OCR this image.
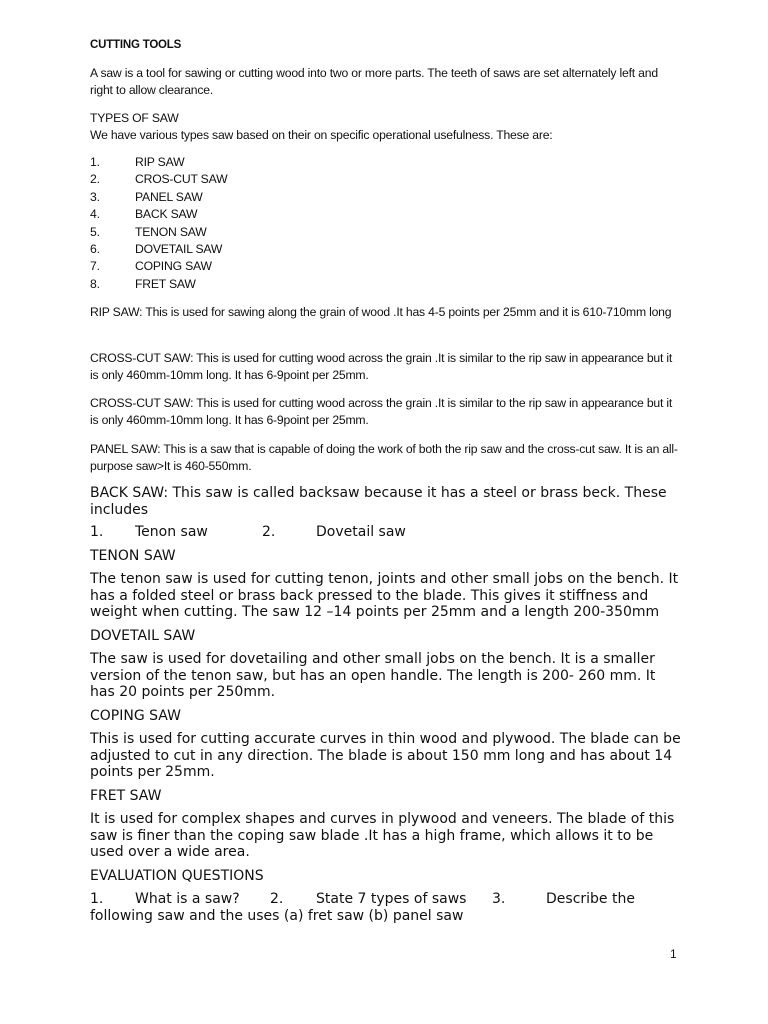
CUTTING TOOLS

A saw is a tool for sawing or cutting wood into two or more parts. The teeth of saws are set alternately left and right to allow clearance.

TYPES OF SAW

We have various types saw based on their on specific operational usefulness. These are:

1.	RIP SAW
2.	CROS-CUT SAW
3.	PANEL SAW
4.	BACK SAW
5.	TENON SAW
6.	DOVETAIL SAW
7.	COPING SAW
8.	FRET SAW

RIP SAW: This is used for sawing along the grain of wood .It has 4-5 points per 25mm and it is 610-710mm long

CROSS-CUT SAW: This is used for cutting wood across the grain .It is similar to the rip saw in appearance but it is only 460mm-10mm long. It has 6-9point per 25mm.

CROSS-CUT SAW: This is used for cutting wood across the grain .It is similar to the rip saw in appearance but it is only 460mm-10mm long. It has 6-9point per 25mm.

PANEL SAW: This is a saw that is capable of doing the work of both the rip saw and the cross-cut saw. It is an all-purpose saw>It is 460-550mm.

BACK SAW: This saw is called backsaw because it has a steel or brass beck. These includes

1. Tenon saw	2.	Dovetail saw

TENON SAW

The tenon saw is used for cutting tenon, joints and other small jobs on the bench. It has a folded steel or brass back pressed to the blade. This gives it stiffness and weight when cutting. The saw 12 –14 points per 25mm and a length 200-350mm

DOVETAIL SAW

The saw is used for dovetailing and other small jobs on the bench. It is a smaller version of the tenon saw, but has an open handle. The length is 200- 260 mm. It has 20 points per 250mm.

COPING SAW

This is used for cutting accurate curves in thin wood and plywood. The blade can be adjusted to cut in any direction. The blade is about 150 mm long and has about 14 points per 25mm.

FRET SAW

It is used for complex shapes and curves in plywood and veneers. The blade of this saw is finer than the coping saw blade .It has a high frame, which allows it to be used over a wide area.

EVALUATION QUESTIONS

1. What is a saw? 2. State 7 types of saws 3.	Describe the

following saw and the uses (a) fret saw (b) panel saw

1
